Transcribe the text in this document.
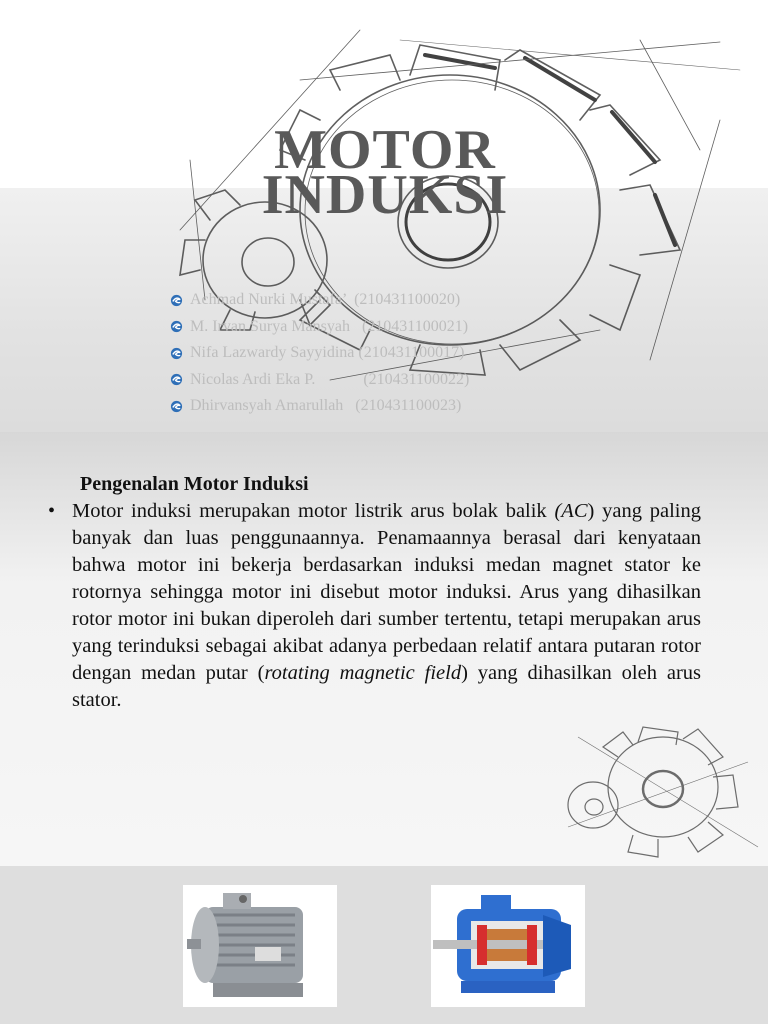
MOTOR
INDUKSI
Achmad Nurki Mustafa’  (210431100020)
M. Irvan Surya Mansyah   (210431100021)
Nifa Lazwardy Sayyidina (210431100017)
Nicolas Ardi Eka P.            (210431100022)
Dhirvansyah Amarullah   (210431100023)
Pengenalan Motor Induksi
• Motor induksi merupakan motor listrik arus bolak balik (AC) yang paling banyak dan luas penggunaannya. Penamaannya berasal dari kenyataan bahwa motor ini bekerja berdasarkan induksi medan magnet stator ke rotornya sehingga motor ini disebut motor induksi. Arus yang dihasilkan rotor motor ini bukan diperoleh dari sumber tertentu, tetapi merupakan arus yang terinduksi sebagai akibat adanya perbedaan relatif antara putaran rotor dengan medan putar (rotating magnetic field) yang dihasilkan oleh arus stator.
